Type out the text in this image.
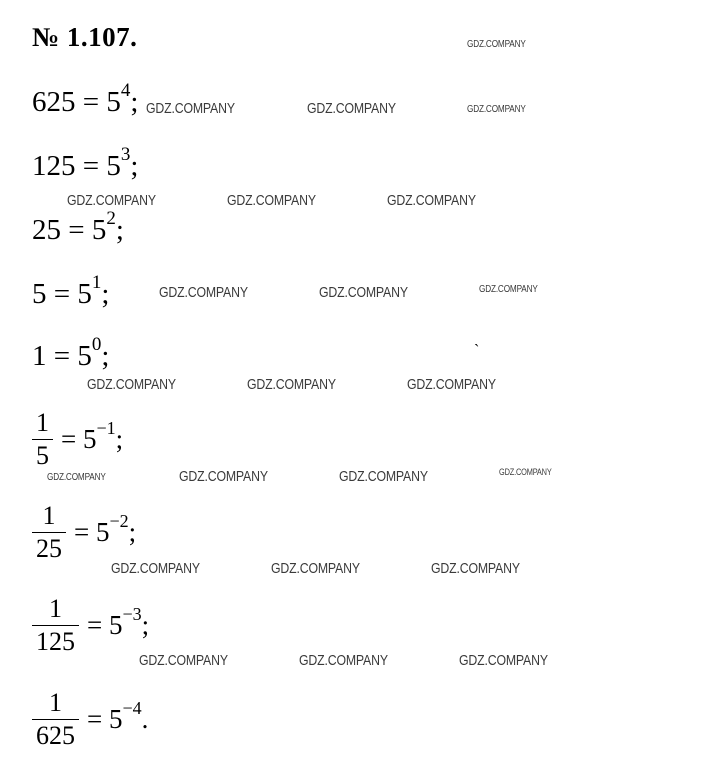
№ 1.107.
$625 = 5^4$;
$125 = 5^3$;
$25 = 5^2$;
$5 = 5^1$;
$1 = 5^0$;
$\frac{1}{5} = 5^{-1}$;
$\frac{1}{25} = 5^{-2}$;
$\frac{1}{125} = 5^{-3}$;
$\frac{1}{625} = 5^{-4}$.
GDZ.COMPANY
GDZ.COMPANY	GDZ.COMPANY	GDZ.COMPANY
GDZ.COMPANY	GDZ.COMPANY	GDZ.COMPANY
GDZ.COMPANY	GDZ.COMPANY	GDZ.COMPANY
GDZ.COMPANY	GDZ.COMPANY	GDZ.COMPANY
GDZ.COMPANY	GDZ.COMPANY	GDZ.COMPANY	GDZ.COMPANY
GDZ.COMPANY	GDZ.COMPANY	GDZ.COMPANY
GDZ.COMPANY	GDZ.COMPANY	GDZ.COMPANY
`
